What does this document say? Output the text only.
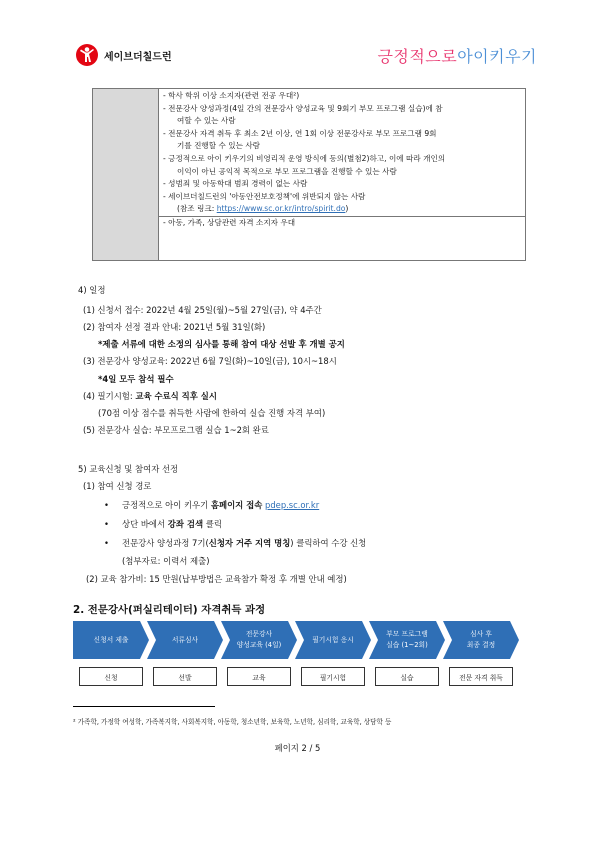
세이브더칠드런	긍정적으로아이키우기
- 학사 학위 이상 소지자(관련 전공 우대²)
- 전문강사 양성과정(4일 간의 전문강사 양성교육 및 9회기 부모 프로그램 실습)에 참
여할 수 있는 사람
- 전문강사 자격 취득 후 최소 2년 이상, 연 1회 이상 전문강사로 부모 프로그램 9회
기를 진행할 수 있는 사람
- 긍정적으로 아이 키우기의 비영리적 운영 방식에 동의(별첨2)하고, 이에 따라 개인의
이익이 아닌 공익적 목적으로 부모 프로그램을 진행할 수 있는 사람
- 성범죄 및 아동학대 범죄 경력이 없는 사람
- 세이브더칠드런의 '아동안전보호정책'에 위반되지 않는 사람
(참조 링크: https://www.sc.or.kr/intro/spirit.do)
- 아동, 가족, 상담관련 자격 소지자 우대
4) 일정
(1) 신청서 접수: 2022년 4월 25일(월)~5월 27일(금), 약 4주간
(2) 참여자 선정 결과 안내: 2021년 5월 31일(화)
*제출 서류에 대한 소정의 심사를 통해 참여 대상 선발 후 개별 공지
(3) 전문강사 양성교육: 2022년 6월 7일(화)~10일(금), 10시~18시
*4일 모두 참석 필수
(4) 필기시험: 교육 수료식 직후 실시
(70점 이상 점수를 취득한 사람에 한하여 실습 진행 자격 부여)
(5) 전문강사 실습: 부모프로그램 실습 1~2회 완료
5) 교육신청 및 참여자 선정
(1) 참여 신청 경로
• 긍정적으로 아이 키우기 홈페이지 접속 pdep.sc.or.kr
• 상단 바에서 강좌 검색 클릭
• 전문강사 양성과정 7기(신청자 거주 지역 명칭) 클릭하여 수강 신청
(첨부자료: 이력서 제출)
(2) 교육 참가비: 15 만원(납부방법은 교육참가 확정 후 개별 안내 예정)
2. 전문강사(퍼실리테이터) 자격취득 과정
신청서 제출	서류심사
전문강사
양성교육 (4일)
필기시험 응시
부모 프로그램
실습 (1~2회)
심사 후
최종 결정
신청	선발	교육	필기시험	실습	전문 자격 취득
² 가족학, 가정학 여성학, 가족복지학, 사회복지학, 아동학, 청소년학, 보육학, 노년학, 심리학, 교육학, 상담학 등
페이지 2 / 5
